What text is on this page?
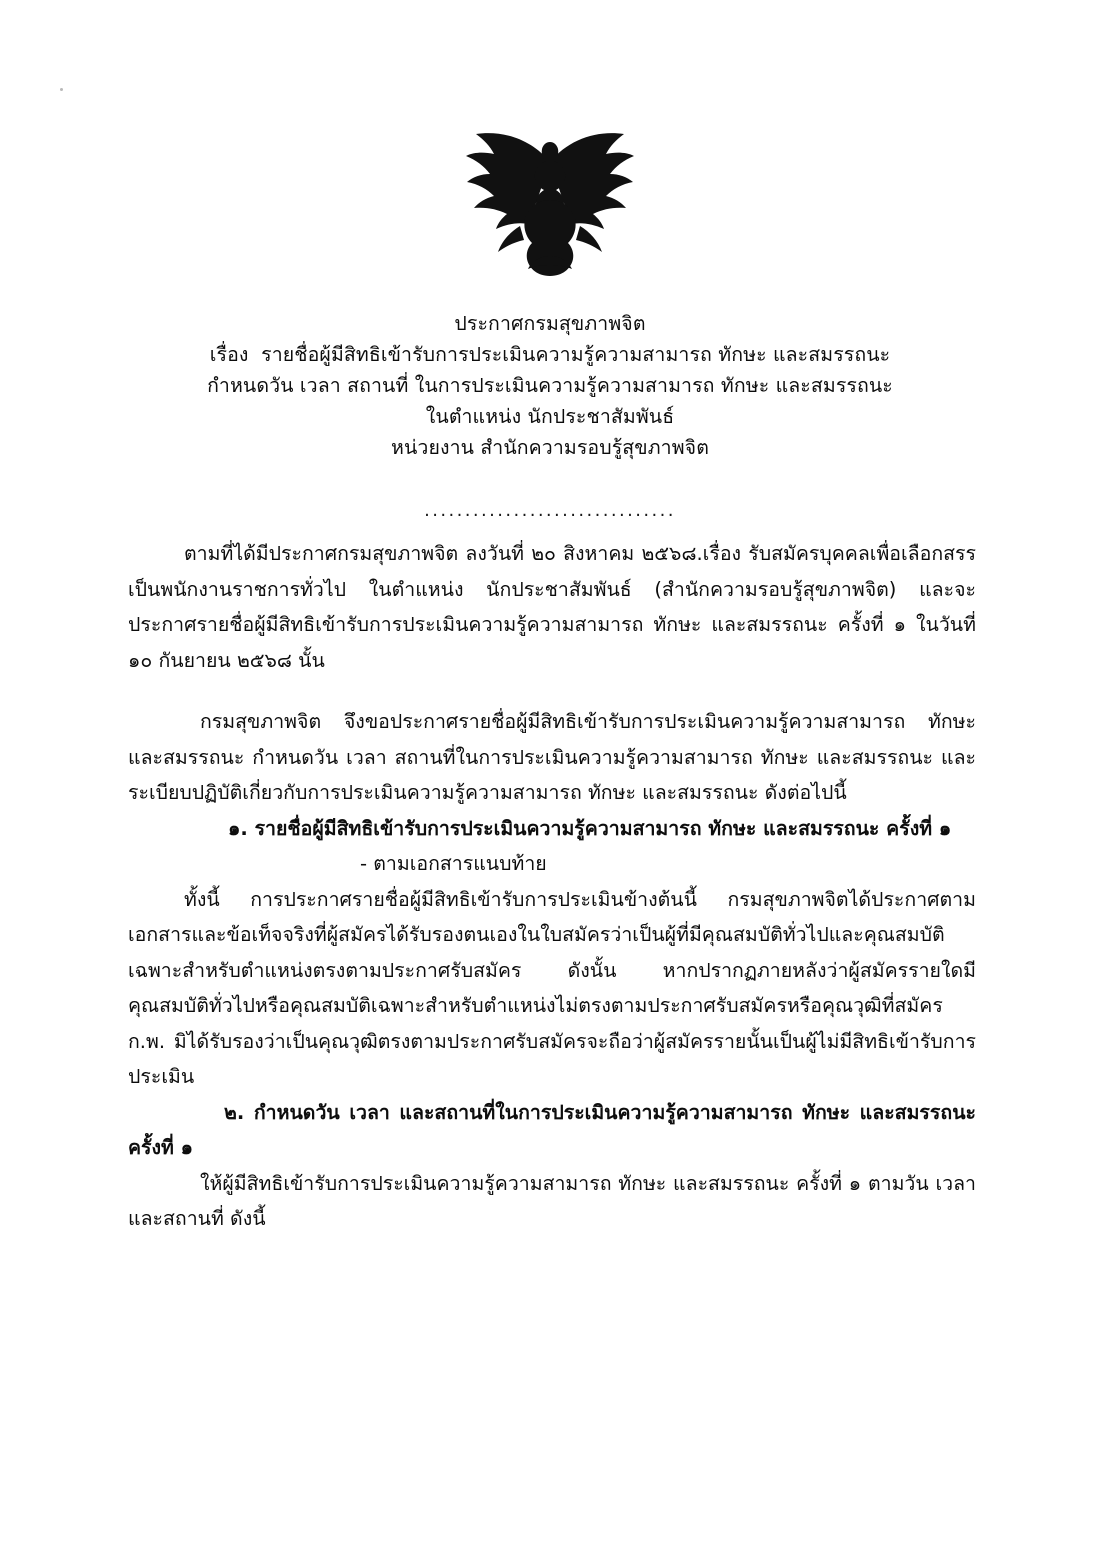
ประกาศกรมสุขภาพจิต
เรื่อง  รายชื่อผู้มีสิทธิเข้ารับการประเมินความรู้ความสามารถ ทักษะ และสมรรถนะ
กำหนดวัน เวลา สถานที่ ในการประเมินความรู้ความสามารถ ทักษะ และสมรรถนะ
ในตำแหน่ง นักประชาสัมพันธ์
หน่วยงาน สำนักความรอบรู้สุขภาพจิต
...............................

ตามที่ได้มีประกาศกรมสุขภาพจิต ลงวันที่ ๒๐ สิงหาคม ๒๕๖๘.เรื่อง รับสมัครบุคคลเพื่อเลือกสรรเป็นพนักงานราชการทั่วไป ในตำแหน่ง นักประชาสัมพันธ์ (สำนักความรอบรู้สุขภาพจิต) และจะประกาศรายชื่อผู้มีสิทธิเข้ารับการประเมินความรู้ความสามารถ ทักษะ และสมรรถนะ ครั้งที่ ๑ ในวันที่ ๑๐ กันยายน ๒๕๖๘ นั้น

กรมสุขภาพจิต จึงขอประกาศรายชื่อผู้มีสิทธิเข้ารับการประเมินความรู้ความสามารถ ทักษะ และสมรรถนะ กำหนดวัน เวลา สถานที่ในการประเมินความรู้ความสามารถ ทักษะ และสมรรถนะ และระเบียบปฏิบัติเกี่ยวกับการประเมินความรู้ความสามารถ ทักษะ และสมรรถนะ ดังต่อไปนี้

๑. รายชื่อผู้มีสิทธิเข้ารับการประเมินความรู้ความสามารถ ทักษะ และสมรรถนะ ครั้งที่ ๑

- ตามเอกสารแนบท้าย

ทั้งนี้ การประกาศรายชื่อผู้มีสิทธิเข้ารับการประเมินข้างต้นนี้ กรมสุขภาพจิตได้ประกาศตามเอกสารและข้อเท็จจริงที่ผู้สมัครได้รับรองตนเองในใบสมัครว่าเป็นผู้ที่มีคุณสมบัติทั่วไปและคุณสมบัติเฉพาะสำหรับตำแหน่งตรงตามประกาศรับสมัคร ดังนั้น หากปรากฏภายหลังว่าผู้สมัครรายใดมีคุณสมบัติทั่วไปหรือคุณสมบัติเฉพาะสำหรับตำแหน่งไม่ตรงตามประกาศรับสมัครหรือคุณวุฒิที่สมัคร ก.พ. มิได้รับรองว่าเป็นคุณวุฒิตรงตามประกาศรับสมัครจะถือว่าผู้สมัครรายนั้นเป็นผู้ไม่มีสิทธิเข้ารับการประเมิน

๒. กำหนดวัน เวลา และสถานที่ในการประเมินความรู้ความสามารถ ทักษะ และสมรรถนะ ครั้งที่ ๑

ให้ผู้มีสิทธิเข้ารับการประเมินความรู้ความสามารถ ทักษะ และสมรรถนะ ครั้งที่ ๑ ตามวัน เวลา และสถานที่ ดังนี้
